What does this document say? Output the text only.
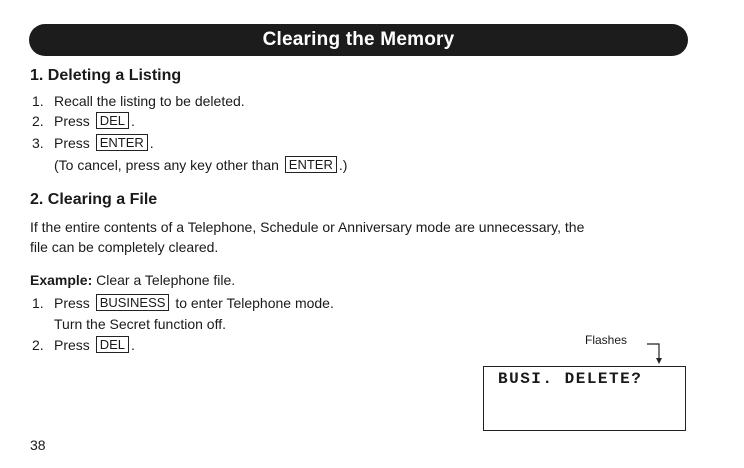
Clearing the Memory
1. Deleting a Listing
1. Recall the listing to be deleted.
2. Press DEL .
3. Press ENTER .
(To cancel, press any key other than ENTER .)
2. Clearing a File
If the entire contents of a Telephone, Schedule or Anniversary mode are unnecessary, the
file can be completely cleared.
Example: Clear a Telephone file.
1. Press BUSINESS to enter Telephone mode.
Turn the Secret function off.
2. Press DEL .	Flashes
BUSI. DELETE?
38
